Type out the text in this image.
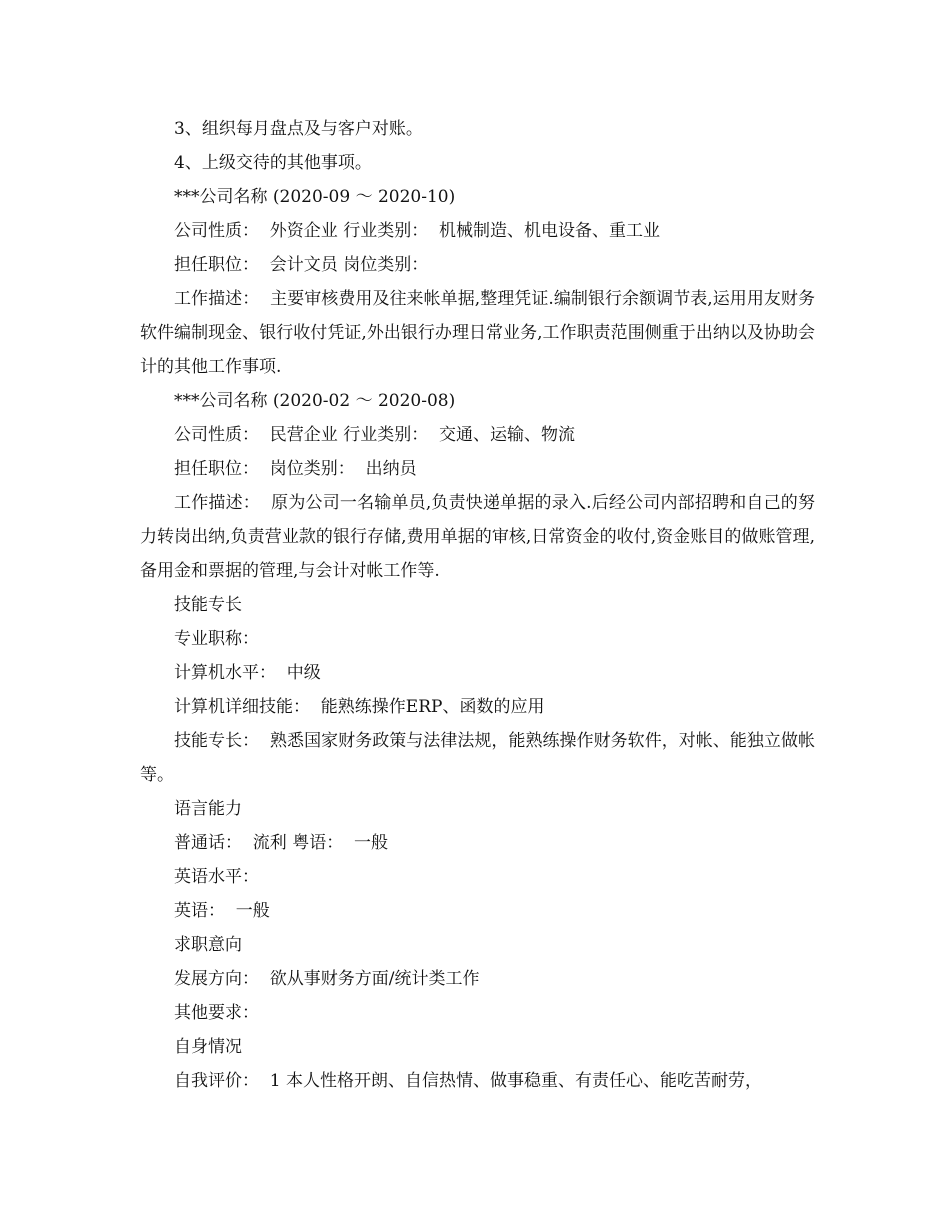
3、组织每月盘点及与客户对账。

4、上级交待的其他事项。

***公司名称 (2020-09 ～ 2020-10)

公司性质：  外资企业 行业类别：  机械制造、机电设备、重工业

担任职位：  会计文员 岗位类别：

工作描述：  主要审核费用及往来帐单据,整理凭证.编制银行余额调节表,运用用友财务软件编制现金、银行收付凭证,外出银行办理日常业务,工作职责范围侧重于出纳以及协助会计的其他工作事项.

***公司名称 (2020-02 ～ 2020-08)

公司性质：  民营企业 行业类别：  交通、运输、物流

担任职位：  岗位类别：  出纳员

工作描述：  原为公司一名输单员,负责快递单据的录入.后经公司内部招聘和自己的努力转岗出纳,负责营业款的银行存储,费用单据的审核,日常资金的收付,资金账目的做账管理,备用金和票据的管理,与会计对帐工作等.

技能专长

专业职称：

计算机水平：  中级

计算机详细技能：  能熟练操作ERP、函数的应用

技能专长：  熟悉国家财务政策与法律法规，能熟练操作财务软件，对帐、能独立做帐等。

语言能力

普通话：  流利 粤语：  一般

英语水平：

英语：  一般

求职意向

发展方向：  欲从事财务方面/统计类工作

其他要求：

自身情况

自我评价：  1 本人性格开朗、自信热情、做事稳重、有责任心、能吃苦耐劳，
